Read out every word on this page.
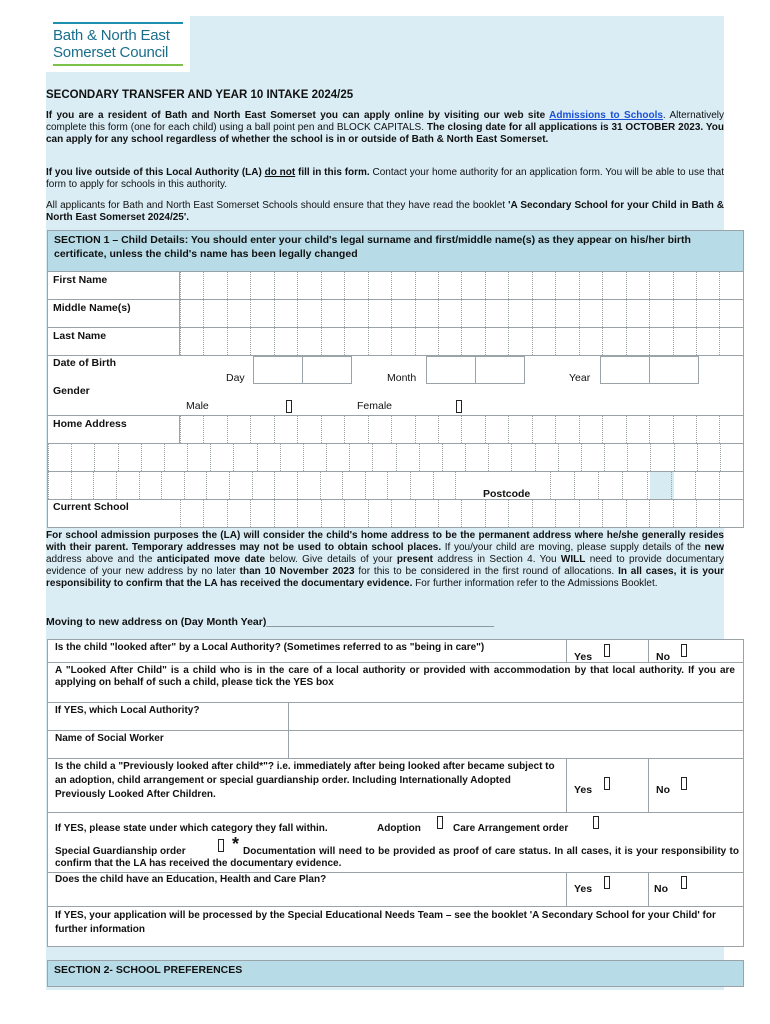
Bath & North East
Somerset Council
SECONDARY TRANSFER AND YEAR 10 INTAKE 2024/25
If you are a resident of Bath and North East Somerset you can apply online by visiting our web site Admissions to Schools. Alternatively complete this form (one for each child) using a ball point pen and BLOCK CAPITALS. The closing date for all applications is 31 OCTOBER 2023. You can apply for any school regardless of whether the school is in or outside of Bath & North East Somerset.
If you live outside of this Local Authority (LA) do not fill in this form. Contact your home authority for an application form. You will be able to use that form to apply for schools in this authority.
All applicants for Bath and North East Somerset Schools should ensure that they have read the booklet 'A Secondary School for your Child in Bath & North East Somerset 2024/25'.
SECTION 1 – Child Details: You should enter your child's legal surname and first/middle name(s) as they appear on his/her birth certificate, unless the child's name has been legally changed
First Name
Middle Name(s)
Last Name
Date of Birth
Day	Month	Year
Gender
Male	Female
Home Address
Postcode
Current School
For school admission purposes the (LA) will consider the child's home address to be the permanent address where he/she generally resides with their parent. Temporary addresses may not be used to obtain school places. If you/your child are moving, please supply details of the new address above and the anticipated move date below. Give details of your present address in Section 4. You WILL need to provide documentary evidence of your new address by no later than 10 November 2023 for this to be considered in the first round of allocations. In all cases, it is your responsibility to confirm that the LA has received the documentary evidence. For further information refer to the Admissions Booklet.
Moving to new address on (Day Month Year)_______________________________________
Is the child "looked after" by a Local Authority? (Sometimes referred to as "being in care")
Yes	No
A "Looked After Child" is a child who is in the care of a local authority or provided with accommodation by that local authority. If you are applying on behalf of such a child, please tick the YES box
If YES, which Local Authority?
Name of Social Worker
Is the child a "Previously looked after child*"? i.e. immediately after being looked after became subject to an adoption, child arrangement or special guardianship order. Including Internationally Adopted Previously Looked After Children.	Yes	No
If YES, please state under which category they fall within.	Adoption	Care Arrangement order
Special Guardianship order	* Documentation will need to be provided as proof of care status. In all cases, it is your responsibility to confirm that the LA has received the documentary evidence.
Does the child have an Education, Health and Care Plan?
Yes	No
If YES, your application will be processed by the Special Educational Needs Team – see the booklet 'A Secondary School for your Child' for further information
SECTION 2- SCHOOL PREFERENCES
